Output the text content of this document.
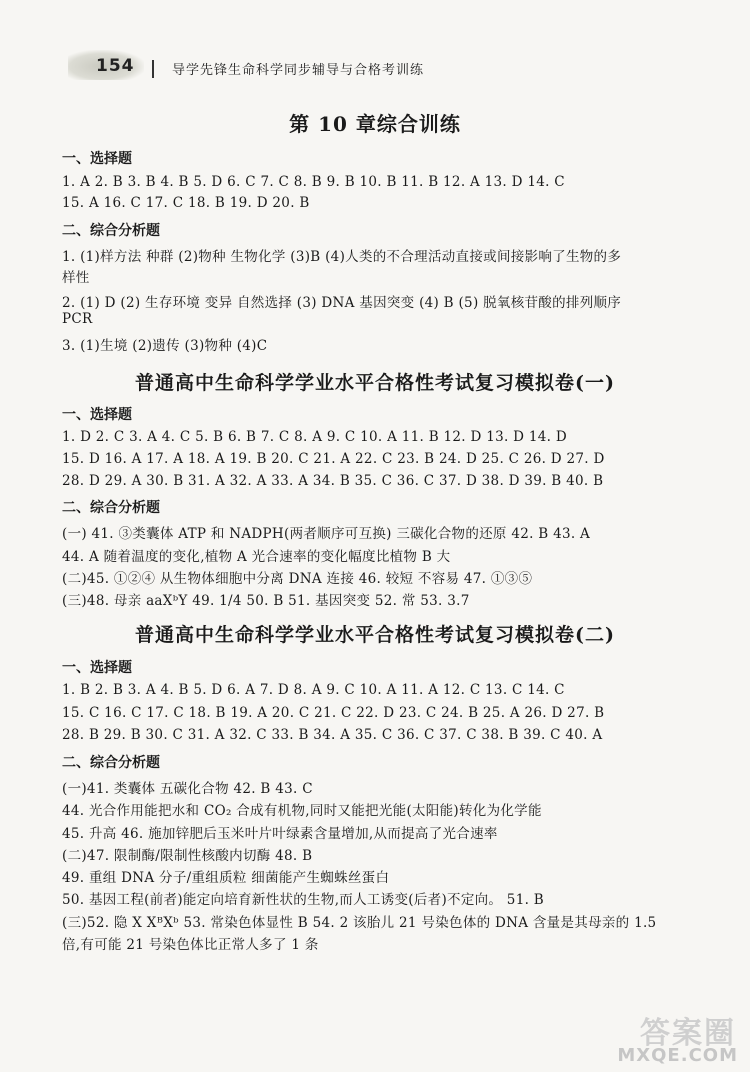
154	导学先锋生命科学同步辅导与合格考训练
第 10 章综合训练
一、选择题
1. A 2. B 3. B 4. B 5. D 6. C 7. C 8. B 9. B 10. B 11. B 12. A 13. D 14. C
15. A 16. C 17. C 18. B 19. D 20. B
二、综合分析题
1. (1)样方法 种群 (2)物种 生物化学 (3)B (4)人类的不合理活动直接或间接影响了生物的多
样性
2. (1) D (2) 生存环境 变异 自然选择 (3) DNA 基因突变 (4) B (5) 脱氧核苷酸的排列顺序
PCR
3. (1)生境 (2)遗传 (3)物种 (4)C
普通高中生命科学学业水平合格性考试复习模拟卷(一)
一、选择题
1. D 2. C 3. A 4. C 5. B 6. B 7. C 8. A 9. C 10. A 11. B 12. D 13. D 14. D
15. D 16. A 17. A 18. A 19. B 20. C 21. A 22. C 23. B 24. D 25. C 26. D 27. D
28. D 29. A 30. B 31. A 32. A 33. A 34. B 35. C 36. C 37. D 38. D 39. B 40. B
二、综合分析题
(一) 41. ③类囊体 ATP 和 NADPH(两者顺序可互换) 三碳化合物的还原 42. B 43. A
44. A 随着温度的变化,植物 A 光合速率的变化幅度比植物 B 大
(二)45. ①②④ 从生物体细胞中分离 DNA 连接 46. 较短 不容易 47. ①③⑤
(三)48. 母亲 aaXᵇY 49. 1/4 50. B 51. 基因突变 52. 常 53. 3.7
普通高中生命科学学业水平合格性考试复习模拟卷(二)
一、选择题
1. B 2. B 3. A 4. B 5. D 6. A 7. D 8. A 9. C 10. A 11. A 12. C 13. C 14. C
15. C 16. C 17. C 18. B 19. A 20. C 21. C 22. D 23. C 24. B 25. A 26. D 27. B
28. B 29. B 30. C 31. A 32. C 33. B 34. A 35. C 36. C 37. C 38. B 39. C 40. A
二、综合分析题
(一)41. 类囊体 五碳化合物 42. B 43. C
44. 光合作用能把水和 CO₂ 合成有机物,同时又能把光能(太阳能)转化为化学能
45. 升高 46. 施加锌肥后玉米叶片叶绿素含量增加,从而提高了光合速率
(二)47. 限制酶/限制性核酸内切酶 48. B
49. 重组 DNA 分子/重组质粒 细菌能产生蜘蛛丝蛋白
50. 基因工程(前者)能定向培育新性状的生物,而人工诱变(后者)不定向。 51. B
(三)52. 隐 X XᴮXᵇ 53. 常染色体显性 B 54. 2 该胎儿 21 号染色体的 DNA 含量是其母亲的 1.5
倍,有可能 21 号染色体比正常人多了 1 条
答案圈
MXQE.COM
